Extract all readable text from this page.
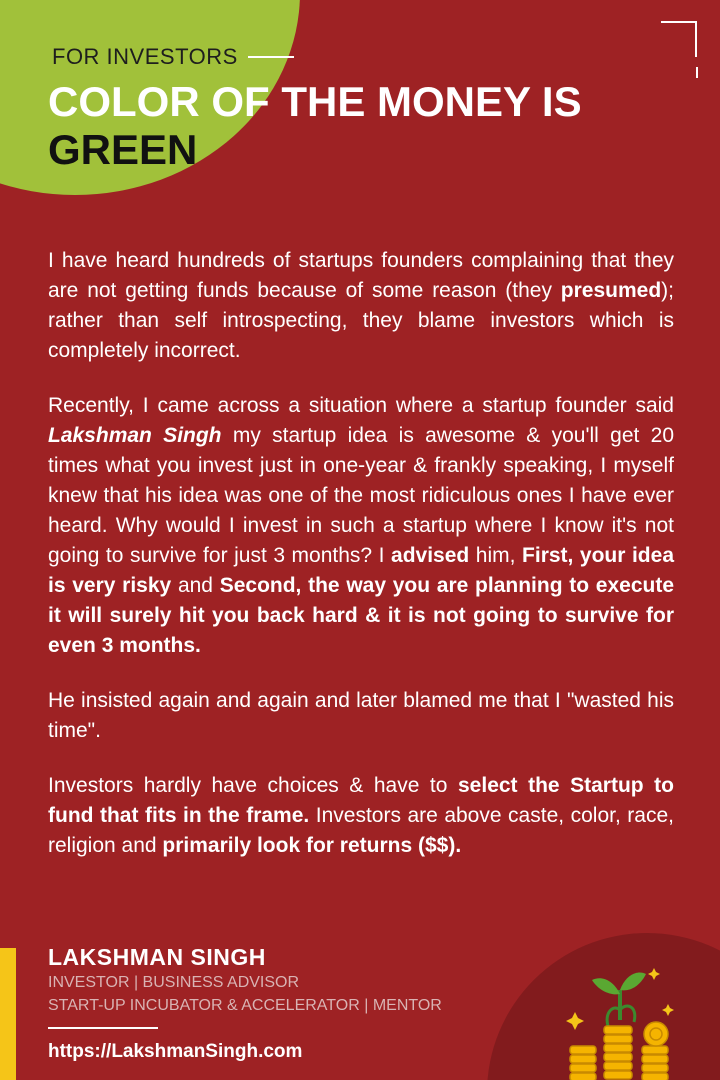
FOR INVESTORS
COLOR OF THE MONEY IS
GREEN

I have heard hundreds of startups founders complaining that they are not getting funds because of some reason (they presumed); rather than self introspecting, they blame investors which is completely incorrect.

Recently, I came across a situation where a startup founder said Lakshman Singh my startup idea is awesome & you'll get 20 times what you invest just in one-year & frankly speaking, I myself knew that his idea was one of the most ridiculous ones I have ever heard. Why would I invest in such a startup where I know it's not going to survive for just 3 months? I advised him, First, your idea is very risky and Second, the way you are planning to execute it will surely hit you back hard & it is not going to survive for even 3 months.

He insisted again and again and later blamed me that I "wasted his time".

Investors hardly have choices & have to select the Startup to fund that fits in the frame. Investors are above caste, color, race, religion and primarily look for returns ($$).

LAKSHMAN SINGH
INVESTOR | BUSINESS ADVISOR
START-UP INCUBATOR & ACCELERATOR | MENTOR
https://LakshmanSingh.com
